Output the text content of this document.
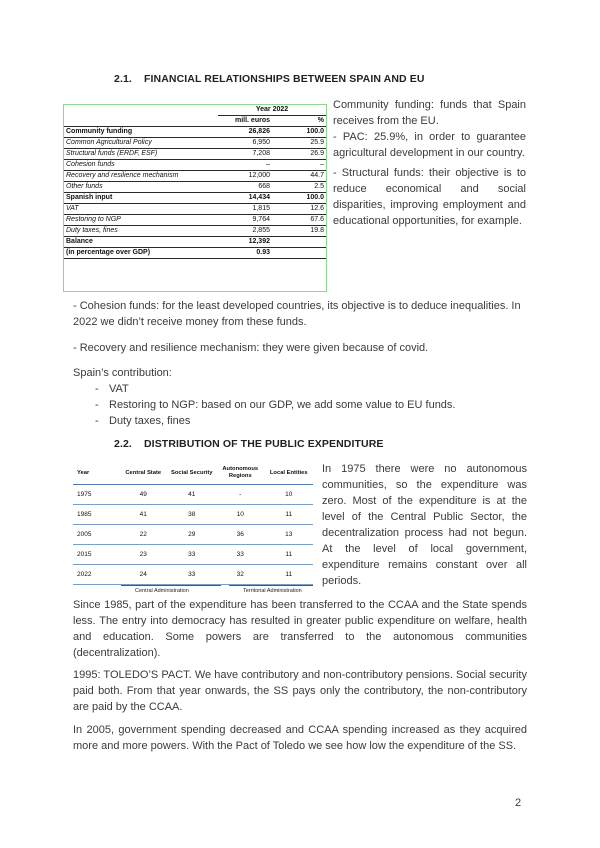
2.1. FINANCIAL RELATIONSHIPS BETWEEN SPAIN AND EU
	Year 2022	
	mill. euros	%
Community funding	26,826	100.0
Common Agricultural Policy	6,950	25.9
Structural funds (ERDF, ESF)	7,208	26.9
Cohesion funds	–	–
Recovery and resilience mechanism	12,000	44.7
Other funds	668	2.5
Spanish input	14,434	100.0
VAT	1,815	12.6
Restoring to NGP	9,764	67.6
Duty taxes, fines	2,855	19.8
Balance	12,392	
(in percentage over GDP)	0.93	

Community funding: funds that Spain receives from the EU.

- PAC: 25.9%, in order to guarantee agricultural development in our country.

- Structural funds: their objective is to reduce economical and social disparities, improving employment and educational opportunities, for example.

- Cohesion funds: for the least developed countries, its objective is to deduce inequalities. In 2022 we didn’t receive money from these funds.

- Recovery and resilience mechanism: they were given because of covid.

Spain’s contribution:

- VAT
- Restoring to NGP: based on our GDP, we add some value to EU funds.
- Duty taxes, fines
2.2. DISTRIBUTION OF THE PUBLIC EXPENDITURE
Year	Central State	Social Security	Autonomous Regions	Local Entities
1975	49	41	-	10
1985	41	38	10	11
2005	22	29	36	13
2015	23	33	33	11
2022	24	33	32	11
Central Administration	Territorial Administration

In 1975 there were no autonomous communities, so the expenditure was zero. Most of the expenditure is at the level of the Central Public Sector, the decentralization process had not begun. At the level of local government, expenditure remains constant over all periods.

Since 1985, part of the expenditure has been transferred to the CCAA and the State spends less. The entry into democracy has resulted in greater public expenditure on welfare, health and education. Some powers are transferred to the autonomous communities (decentralization).

1995: TOLEDO’S PACT. We have contributory and non-contributory pensions. Social security paid both. From that year onwards, the SS pays only the contributory, the non-contributory are paid by the CCAA.

In 2005, government spending decreased and CCAA spending increased as they acquired more and more powers. With the Pact of Toledo we see how low the expenditure of the SS.

2
